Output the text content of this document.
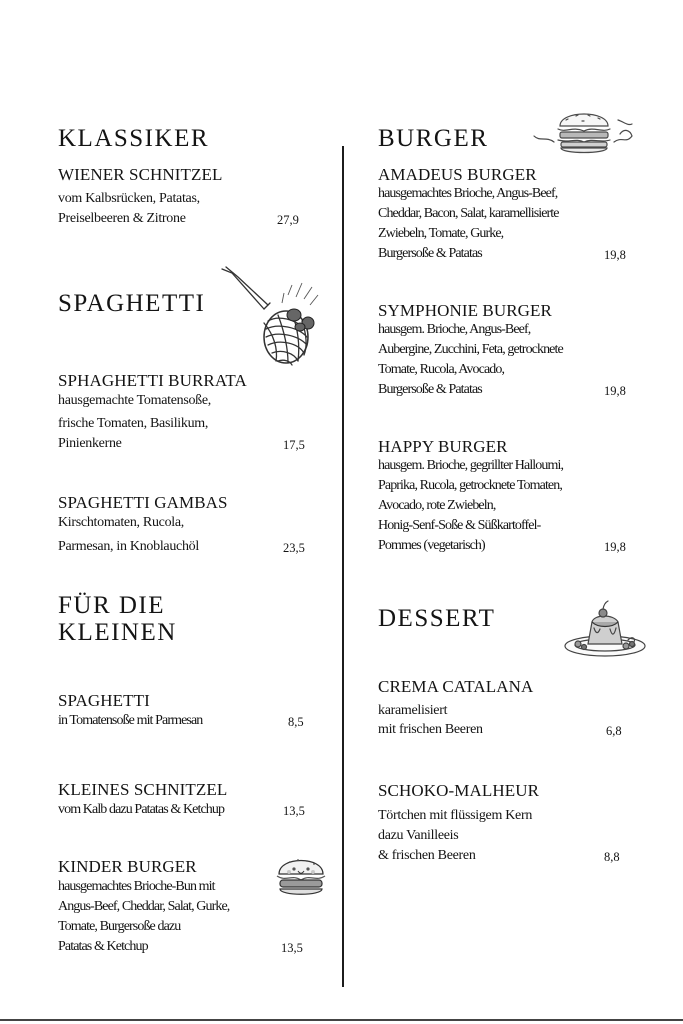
KLASSIKER
WIENER SCHNITZEL
vom Kalbsrücken, Patatas,
Preiselbeeren & Zitrone	27,9
SPAGHETTI
SPHAGHETTI BURRATA
hausgemachte Tomatensoße,
frische Tomaten, Basilikum,
Pinienkerne	17,5
SPAGHETTI GAMBAS
Kirschtomaten, Rucola,
Parmesan, in Knoblauchöl	23,5
FÜR DIE
KLEINEN
SPAGHETTI
in Tomatensoße mit Parmesan	8,5
KLEINES SCHNITZEL
vom Kalb dazu Patatas & Ketchup	13,5
KINDER BURGER
hausgemachtes Brioche-Bun mit
Angus-Beef, Cheddar, Salat, Gurke,
Tomate, Burgersoße dazu
Patatas & Ketchup	13,5
BURGER
AMADEUS BURGER
hausgemachtes Brioche, Angus-Beef,
Cheddar, Bacon, Salat, karamellisierte
Zwiebeln, Tomate, Gurke,
Burgersoße & Patatas	19,8
SYMPHONIE BURGER
hausgem. Brioche, Angus-Beef,
Aubergine, Zucchini, Feta, getrocknete
Tomate, Rucola, Avocado,
Burgersoße & Patatas	19,8
HAPPY BURGER
hausgem. Brioche, gegrillter Halloumi,
Paprika, Rucola, getrocknete Tomaten,
Avocado, rote Zwiebeln,
Honig-Senf-Soße & Süßkartoffel-
Pommes (vegetarisch)	19,8
DESSERT
CREMA CATALANA
karamelisiert
mit frischen Beeren	6,8
SCHOKO-MALHEUR
Törtchen mit flüssigem Kern
dazu Vanilleeis
& frischen Beeren	8,8
